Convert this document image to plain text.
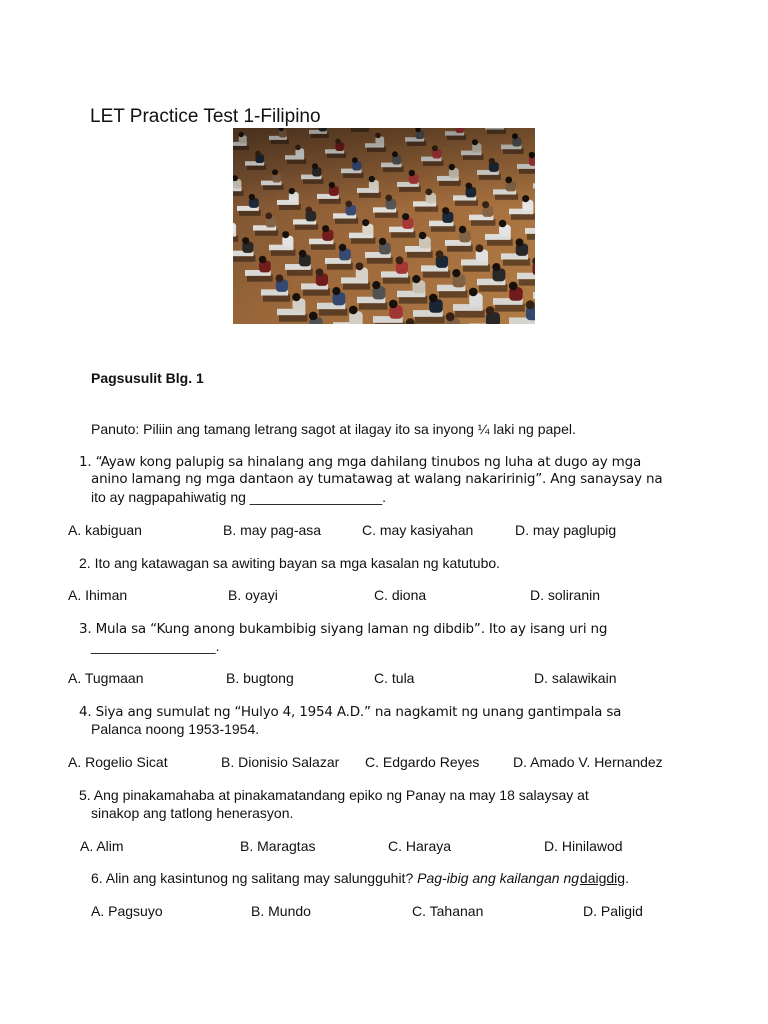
LET Practice Test 1-Filipino
Pagsusulit Blg. 1
Panuto: Piliin ang tamang letrang sagot at ilagay ito sa inyong ¼ laki ng papel.
1. “Ayaw kong palupig sa hinalang ang mga dahilang tinubos ng luha at dugo ay mga
anino lamang ng mga dantaon ay tumatawag at walang nakaririnig”. Ang sanaysay na
ito ay nagpapahiwatig ng _________________.
A. kabiguan	B. may pag-asa	C. may kasiyahan	D. may paglupig
2. Ito ang katawagan sa awiting bayan sa mga kasalan ng katutubo.
A. Ihiman	B. oyayi	C. diona	D. soliranin
3. Mula sa “Kung anong bukambibig siyang laman ng dibdib”. Ito ay isang uri ng
________________.
A. Tugmaan	B. bugtong	C. tula	D. salawikain
4. Siya ang sumulat ng “Hulyo 4, 1954 A.D.” na nagkamit ng unang gantimpala sa
Palanca noong 1953-1954.
A. Rogelio Sicat	B. Dionisio Salazar C. Edgardo Reyes D. Amado V. Hernandez
5. Ang pinakamahaba at pinakamatandang epiko ng Panay na may 18 salaysay at
sinakop ang tatlong henerasyon.
A. Alim	B. Maragtas	C. Haraya	D. Hinilawod
6. Alin ang kasintunog ng salitang may salungguhit? Pag-ibig ang kailangan ng daigdig.
A. Pagsuyo	B. Mundo	C. Tahanan	D. Paligid
